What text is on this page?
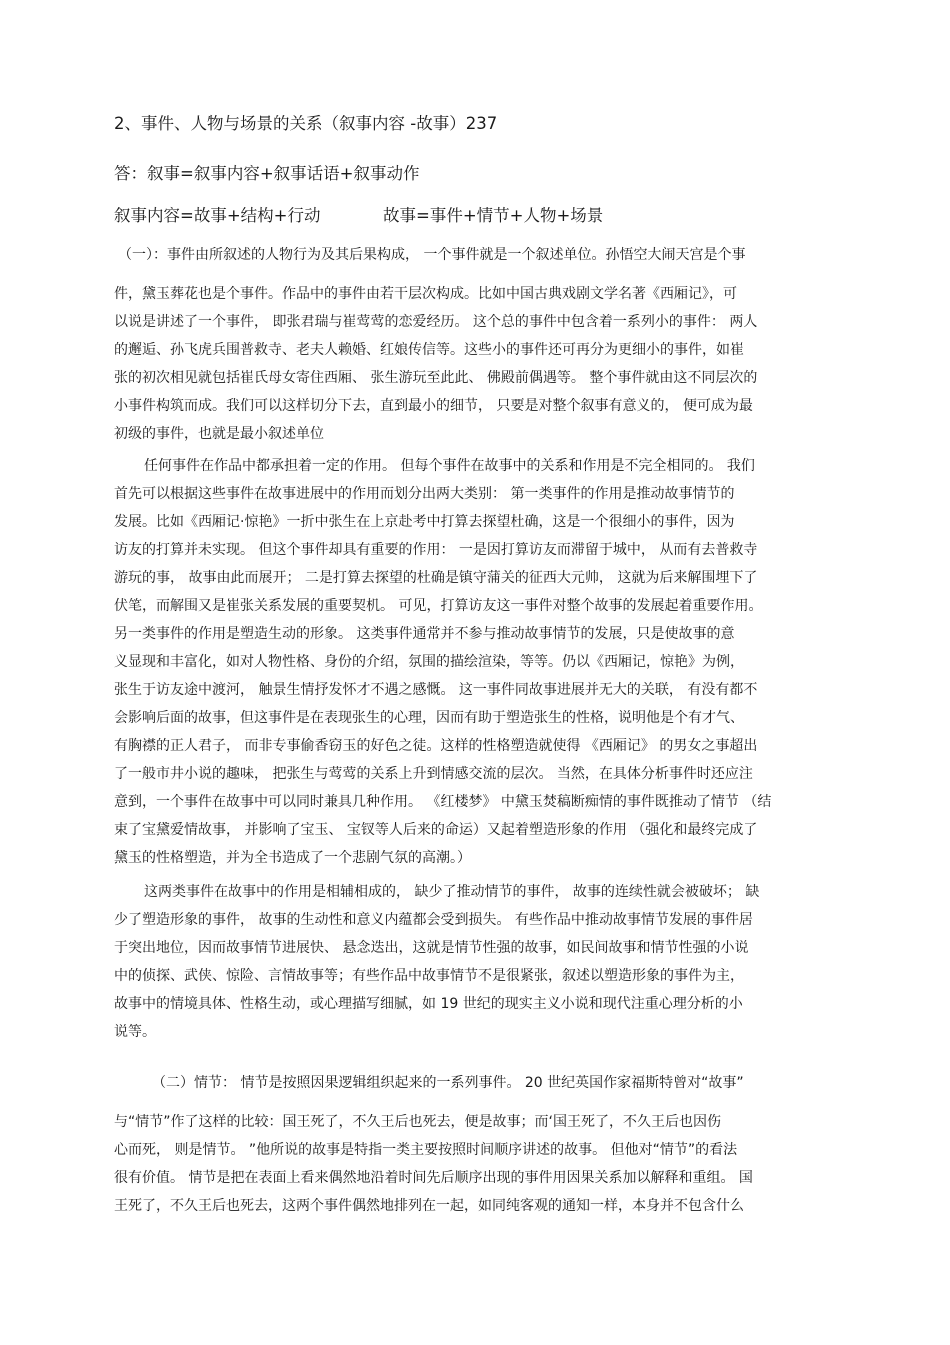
2、事件、人物与场景的关系（叙事内容 -故事）237
答：叙事=叙事内容+叙事话语+叙事动作
叙事内容=故事+结构+行动	故事=事件+情节+人物+场景
（一）：事件由所叙述的人物行为及其后果构成， 一个事件就是一个叙述单位。孙悟空大闹天宫是个事
件，黛玉葬花也是个事件。作品中的事件由若干层次构成。比如中国古典戏剧文学名著《西厢记》，可
以说是讲述了一个事件， 即张君瑞与崔莺莺的恋爱经历。 这个总的事件中包含着一系列小的事件： 两人
的邂逅、孙飞虎兵围普救寺、老夫人赖婚、红娘传信等。这些小的事件还可再分为更细小的事件，如崔
张的初次相见就包括崔氏母女寄住西厢、 张生游玩至此此、 佛殿前偶遇等。 整个事件就由这不同层次的
小事件构筑而成。我们可以这样切分下去，直到最小的细节， 只要是对整个叙事有意义的， 便可成为最
初级的事件，也就是最小叙述单位
任何事件在作品中都承担着一定的作用。 但每个事件在故事中的关系和作用是不完全相同的。 我们
首先可以根据这些事件在故事进展中的作用而划分出两大类别： 第一类事件的作用是推动故事情节的
发展。比如《西厢记·惊艳》一折中张生在上京赴考中打算去探望杜确，这是一个很细小的事件，因为
访友的打算并未实现。 但这个事件却具有重要的作用： 一是因打算访友而滞留于城中， 从而有去普救寺
游玩的事， 故事由此而展开； 二是打算去探望的杜确是镇守蒲关的征西大元帅， 这就为后来解围埋下了
伏笔，而解围又是崔张关系发展的重要契机。 可见，打算访友这一事件对整个故事的发展起着重要作用。
另一类事件的作用是塑造生动的形象。 这类事件通常并不参与推动故事情节的发展，只是使故事的意
义显现和丰富化，如对人物性格、身份的介绍，氛围的描绘渲染，等等。仍以《西厢记，惊艳》为例，
张生于访友途中渡河， 触景生情抒发怀才不遇之感慨。 这一事件同故事进展并无大的关联， 有没有都不
会影响后面的故事，但这事件是在表现张生的心理，因而有助于塑造张生的性格，说明他是个有才气、
有胸襟的正人君子， 而非专事偷香窃玉的好色之徒。这样的性格塑造就使得 《西厢记》 的男女之事超出
了一般市井小说的趣味， 把张生与莺莺的关系上升到情感交流的层次。 当然，在具体分析事件时还应注
意到，一个事件在故事中可以同时兼具几种作用。 《红楼梦》 中黛玉焚稿断痴情的事件既推动了情节 （结
束了宝黛爱情故事， 并影响了宝玉、 宝钗等人后来的命运）又起着塑造形象的作用 （强化和最终完成了
黛玉的性格塑造，并为全书造成了一个悲剧气氛的高潮。）
这两类事件在故事中的作用是相辅相成的， 缺少了推动情节的事件， 故事的连续性就会被破坏； 缺
少了塑造形象的事件， 故事的生动性和意义内蕴都会受到损失。 有些作品中推动故事情节发展的事件居
于突出地位，因而故事情节进展快、 悬念迭出，这就是情节性强的故事，如民间故事和情节性强的小说
中的侦探、武侠、惊险、言情故事等；有些作品中故事情节不是很紧张，叙述以塑造形象的事件为主，
故事中的情境具体、性格生动，或心理描写细腻，如 19 世纪的现实主义小说和现代注重心理分析的小
说等。
（二）情节： 情节是按照因果逻辑组织起来的一系列事件。 20 世纪英国作家福斯特曾对“故事”
与“情节”作了这样的比较：国王死了，不久王后也死去，便是故事；而‘国王死了，不久王后也因伤
心而死， 则是情节。 ”他所说的故事是特指一类主要按照时间顺序讲述的故事。 但他对“情节”的看法
很有价值。 情节是把在表面上看来偶然地沿着时间先后顺序出现的事件用因果关系加以解释和重组。 国
王死了，不久王后也死去，这两个事件偶然地排列在一起，如同纯客观的通知一样，本身并不包含什么
